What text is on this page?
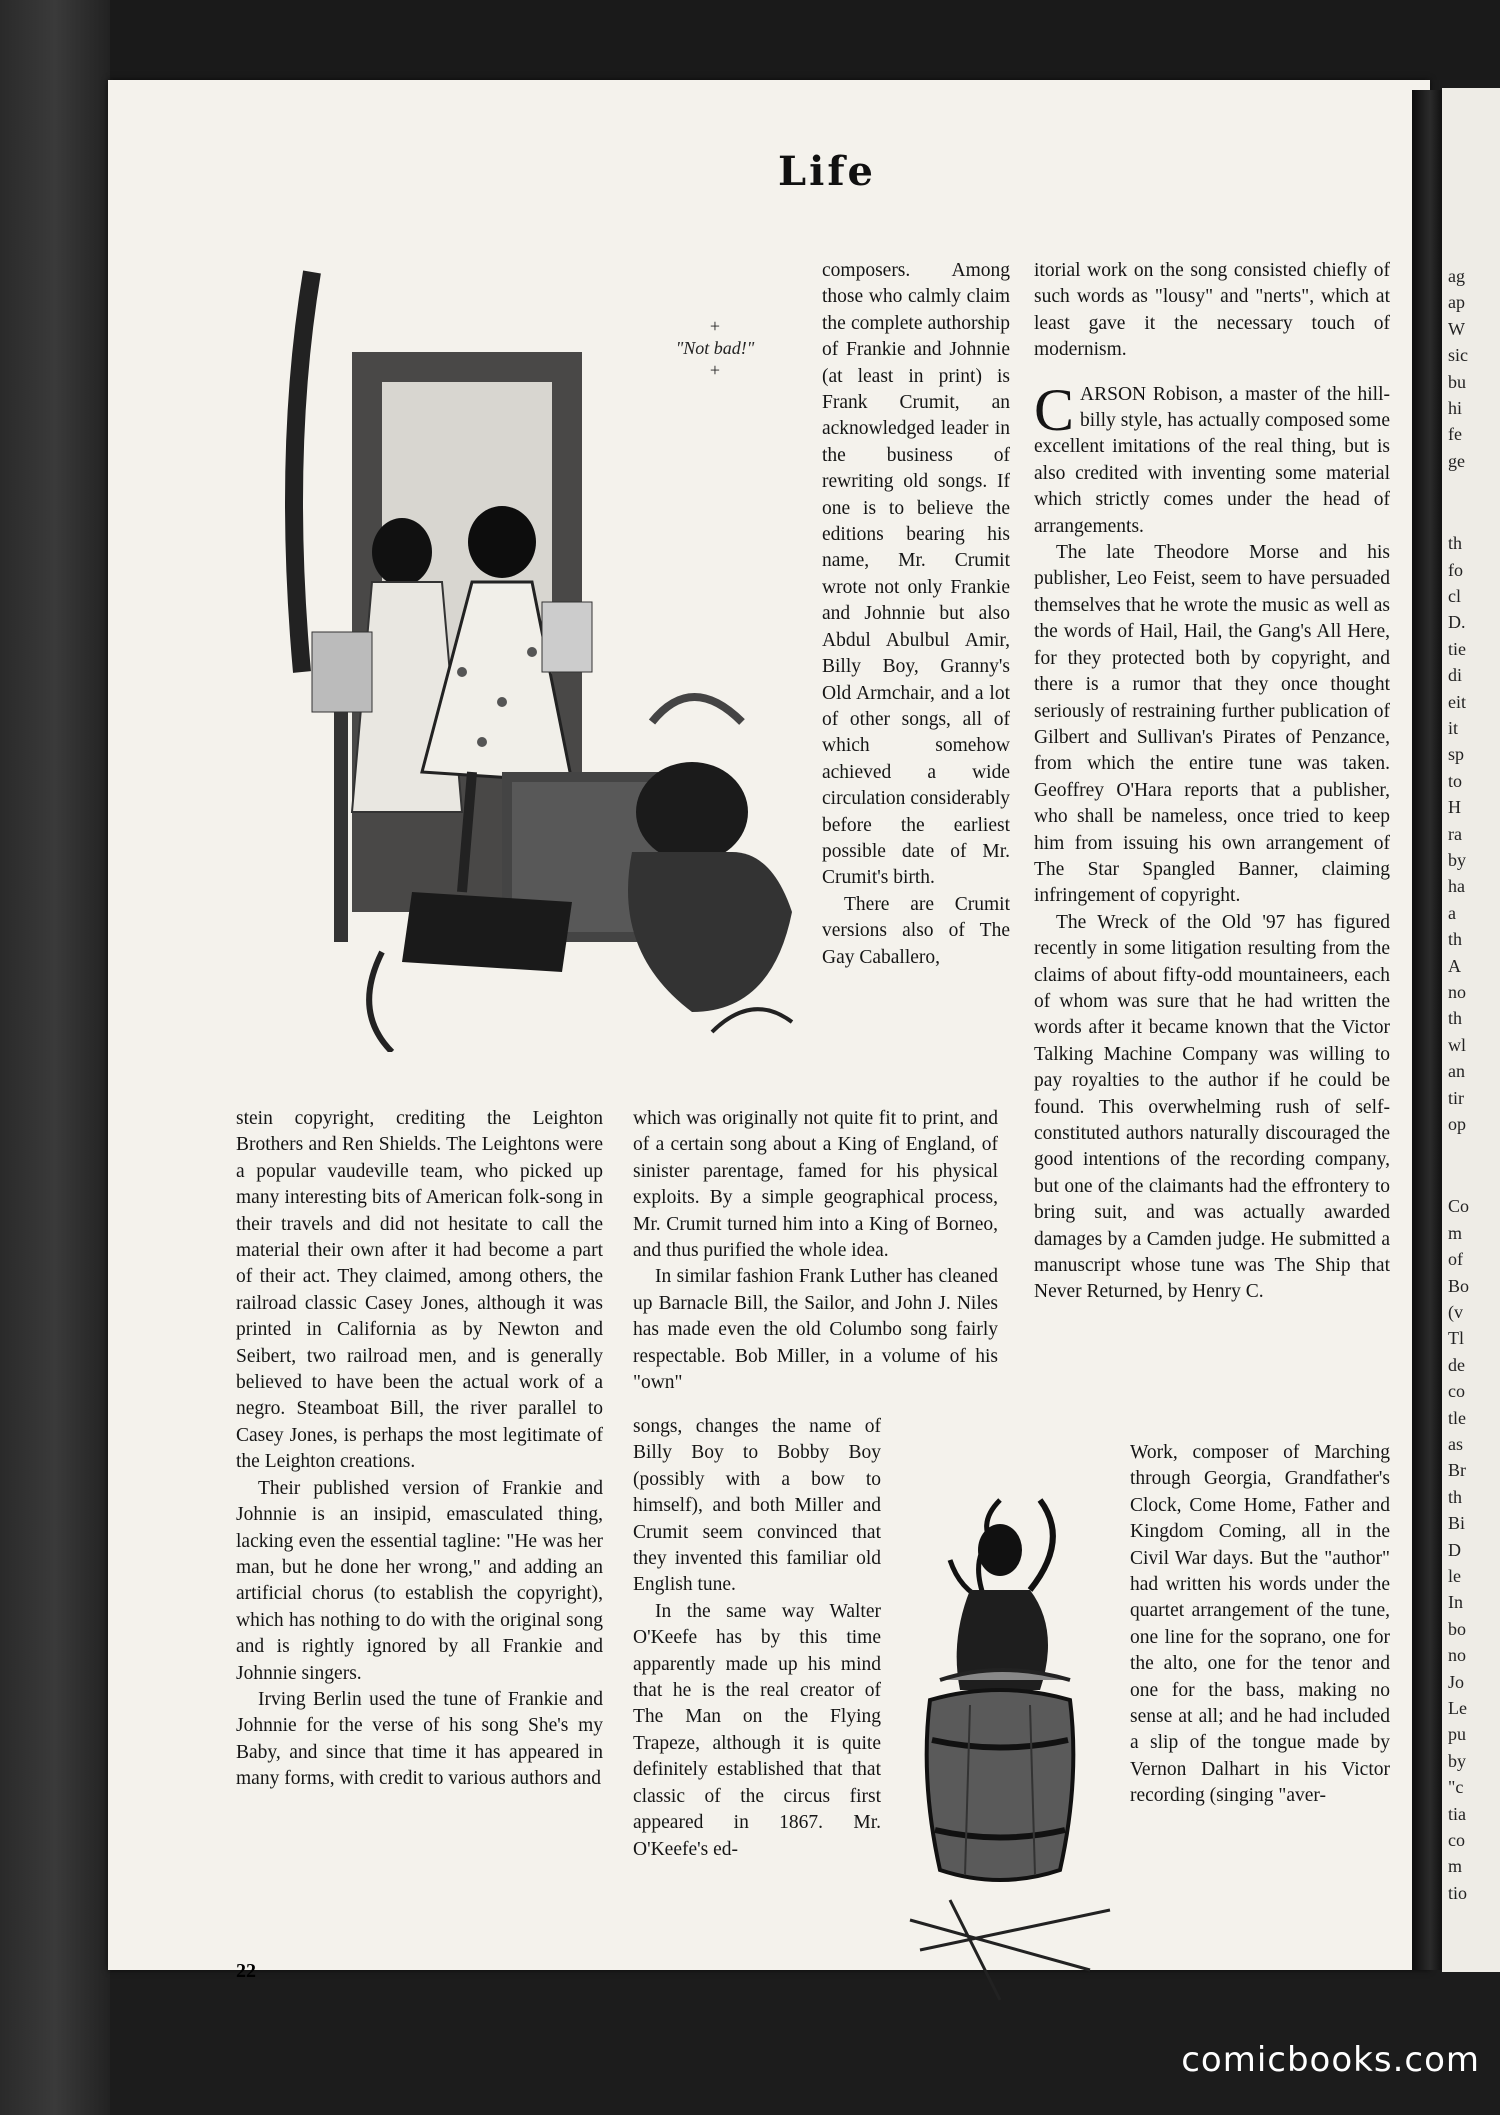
Life
+
"Not bad!"
+

composers. Among those who calmly claim the complete authorship of Frankie and Johnnie (at least in print) is Frank Crumit, an acknowledged leader in the business of rewriting old songs. If one is to believe the editions bearing his name, Mr. Crumit wrote not only Frankie and Johnnie but also Abdul Abulbul Amir, Billy Boy, Granny's Old Armchair, and a lot of other songs, all of which somehow achieved a wide circulation considerably before the earliest possible date of Mr. Crumit's birth.

There are Crumit versions also of The Gay Caballero,

stein copyright, crediting the Leighton Brothers and Ren Shields. The Leightons were a popular vaudeville team, who picked up many interesting bits of American folk-song in their travels and did not hesitate to call the material their own after it had become a part of their act. They claimed, among others, the railroad classic Casey Jones, although it was printed in California as by Newton and Seibert, two railroad men, and is generally believed to have been the actual work of a negro. Steamboat Bill, the river parallel to Casey Jones, is perhaps the most legitimate of the Leighton creations.

Their published version of Frankie and Johnnie is an insipid, emasculated thing, lacking even the essential tagline: "He was her man, but he done her wrong," and adding an artificial chorus (to establish the copyright), which has nothing to do with the original song and is rightly ignored by all Frankie and Johnnie singers.

Irving Berlin used the tune of Frankie and Johnnie for the verse of his song She's my Baby, and since that time it has appeared in many forms, with credit to various authors and

which was originally not quite fit to print, and of a certain song about a King of England, of sinister parentage, famed for his physical exploits. By a simple geographical process, Mr. Crumit turned him into a King of Borneo, and thus purified the whole idea.

In similar fashion Frank Luther has cleaned up Barnacle Bill, the Sailor, and John J. Niles has made even the old Columbo song fairly respectable. Bob Miller, in a volume of his "own"

songs, changes the name of Billy Boy to Bobby Boy (possibly with a bow to himself), and both Miller and Crumit seem convinced that they invented this familiar old English tune.

In the same way Walter O'Keefe has by this time apparently made up his mind that he is the real creator of The Man on the Flying Trapeze, although it is quite definitely established that that classic of the circus first appeared in 1867. Mr. O'Keefe's ed-

itorial work on the song consisted chiefly of such words as "lousy" and "nerts", which at least gave it the necessary touch of modernism.

CARSON Robison, a master of the hill-billy style, has actually composed some excellent imitations of the real thing, but is also credited with inventing some material which strictly comes under the head of arrangements.

The late Theodore Morse and his publisher, Leo Feist, seem to have persuaded themselves that he wrote the music as well as the words of Hail, Hail, the Gang's All Here, for they protected both by copyright, and there is a rumor that they once thought seriously of restraining further publication of Gilbert and Sullivan's Pirates of Penzance, from which the entire tune was taken. Geoffrey O'Hara reports that a publisher, who shall be nameless, once tried to keep him from issuing his own arrangement of The Star Spangled Banner, claiming infringement of copyright.

The Wreck of the Old '97 has figured recently in some litigation resulting from the claims of about fifty-odd mountaineers, each of whom was sure that he had written the words after it became known that the Victor Talking Machine Company was willing to pay royalties to the author if he could be found. This overwhelming rush of self-constituted authors naturally discouraged the good intentions of the recording company, but one of the claimants had the effrontery to bring suit, and was actually awarded damages by a Camden judge. He submitted a manuscript whose tune was The Ship that Never Returned, by Henry C.

Work, composer of Marching through Georgia, Grandfather's Clock, Come Home, Father and Kingdom Coming, all in the Civil War days. But the "author" had written his words under the quartet arrangement of the tune, one line for the soprano, one for the alto, one for the tenor and one for the bass, making no sense at all; and he had included a slip of the tongue made by Vernon Dalhart in his Victor recording (singing "aver-

22
ag
ap
W
sic
bu
hi
fe
ge
th
fo
cl
D.
tie
di
eit
it
sp
to
H
ra
by
ha
a
th
A
no
th
wl
an
tir
op
Co
m
of
Bo
(v
Tl
de
co
tle
as
Br
th
Bi
D
le
In
bo
no
Jo
Le
pu
by
"c
tia
co
m
tio
comicbooks.com
